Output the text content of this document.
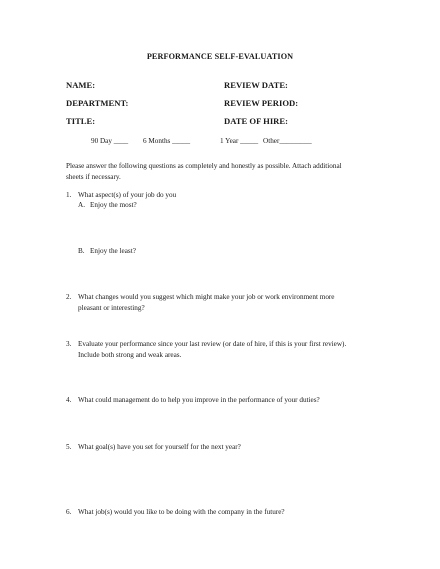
PERFORMANCE SELF-EVALUATION
NAME:	REVIEW DATE:
DEPARTMENT:	REVIEW PERIOD:
TITLE:	DATE OF HIRE:
90 Day ____ 6 Months _____	1 Year _____ Other_________
Please answer the following questions as completely and honestly as possible. Attach additional
sheets if necessary.
1. What aspect(s) of your job do you
A. Enjoy the most?
B. Enjoy the least?
2. What changes would you suggest which might make your job or work environment more
pleasant or interesting?
3. Evaluate your performance since your last review (or date of hire, if this is your first review).
Include both strong and weak areas.
4. What could management do to help you improve in the performance of your duties?
5. What goal(s) have you set for yourself for the next year?
6. What job(s) would you like to be doing with the company in the future?
